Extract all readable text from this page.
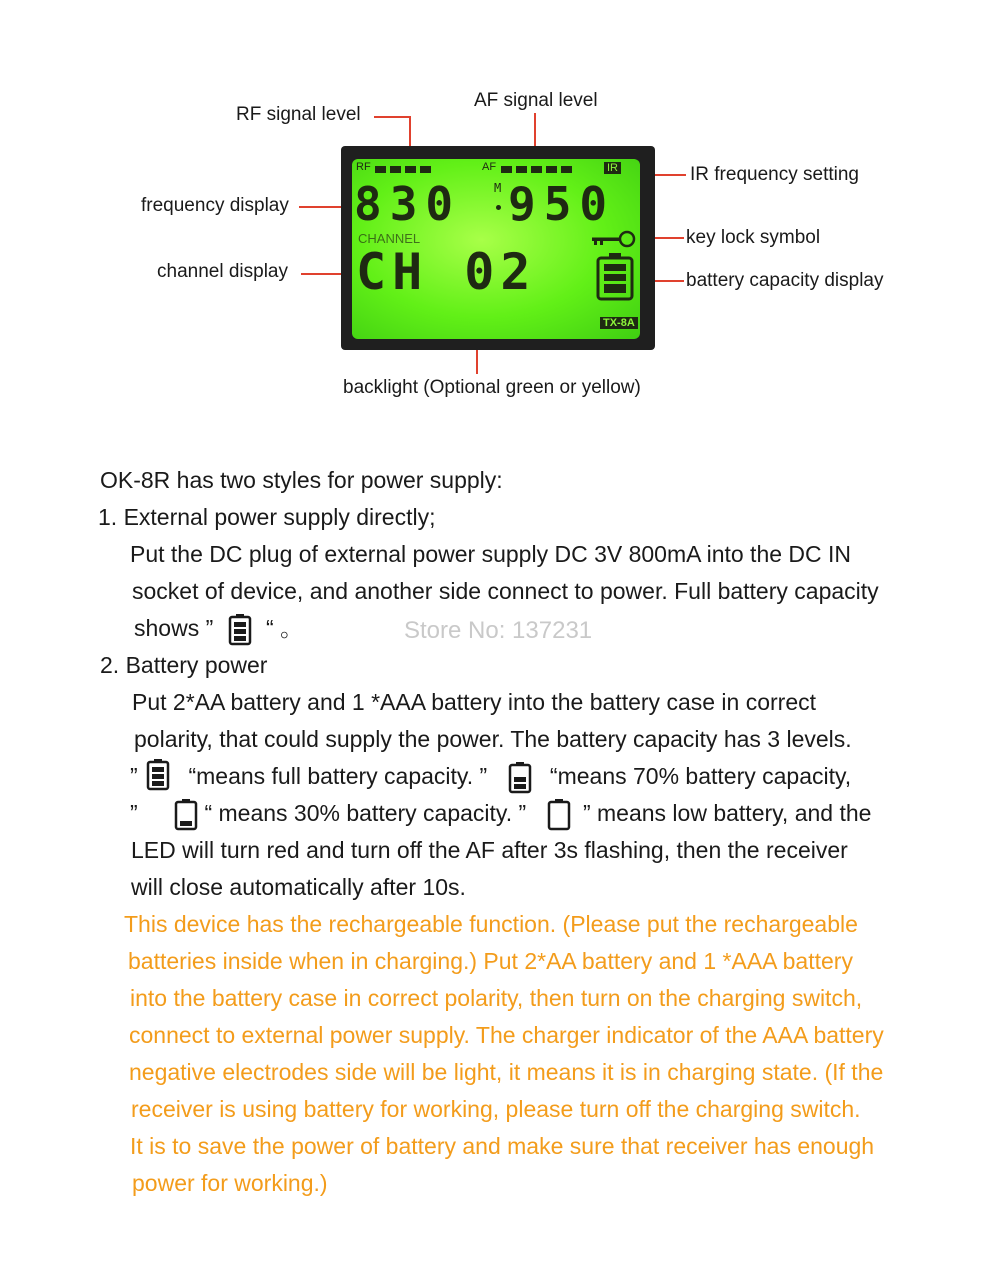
RF signal level
AF signal level
IR frequency setting
frequency display
key lock symbol
channel display	battery capacity display
backlight (Optional green or yellow)
RF	AF	IR
830	M 950
CHANNEL
CH 02
TX-8A
OK-8R has two styles for power supply:
1. External power supply directly;
Put the DC plug of external power supply DC 3V 800mA into the DC IN
socket of device, and another side connect to power. Full battery capacity
shows ” “ 。	Store No: 137231
2. Battery power
Put 2*AA battery and 1 *AAA battery into the battery case in correct
polarity, that could supply the power. The battery capacity has 3 levels.
” “means full battery capacity. ”	“means 70% battery capacity,
”	“ means 30% battery capacity. ” ” means low battery, and the
LED will turn red and turn off the AF after 3s flashing, then the receiver
will close automatically after 10s.
This device has the rechargeable function. (Please put the rechargeable
batteries inside when in charging.) Put 2*AA battery and 1 *AAA battery
into the battery case in correct polarity, then turn on the charging switch,
connect to external power supply. The charger indicator of the AAA battery
negative electrodes side will be light, it means it is in charging state. (If the
receiver is using battery for working, please turn off the charging switch.
It is to save the power of battery and make sure that receiver has enough
power for working.)
